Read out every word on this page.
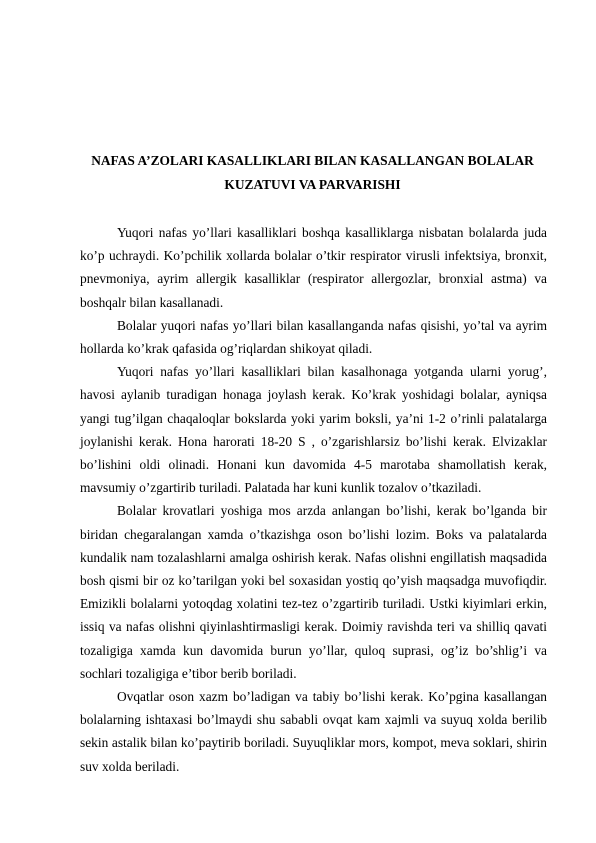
NAFAS A’ZOLARI KASALLIKLARI BILAN KASALLANGAN BOLALAR
KUZATUVI VA PARVARISHI

Yuqori nafas yo’llari kasalliklari boshqa kasalliklarga nisbatan bolalarda juda ko’p uchraydi. Ko’pchilik xollarda bolalar o’tkir respirator virusli infektsiya, bronxit, pnevmoniya, ayrim allergik kasalliklar (respirator allergozlar, bronxial astma) va boshqalr bilan kasallanadi.

Bolalar yuqori nafas yo’llari bilan kasallanganda nafas qisishi, yo’tal va ayrim hollarda ko’krak qafasida og’riqlardan shikoyat qiladi.

Yuqori nafas yo’llari kasalliklari bilan kasalhonaga yotganda ularni yorug’, havosi aylanib turadigan honaga joylash kerak. Ko’krak yoshidagi bolalar, ayniqsa yangi tug’ilgan chaqaloqlar bokslarda yoki yarim boksli, ya’ni 1-2 o’rinli palatalarga joylanishi kerak. Hona harorati 18-20 S , o’zgarishlarsiz bo’lishi kerak. Elvizaklar bo’lishini oldi olinadi. Honani kun davomida 4-5 marotaba shamollatish kerak, mavsumiy o’zgartirib turiladi. Palatada har kuni kunlik tozalov o’tkaziladi.

Bolalar krovatlari yoshiga mos arzda anlangan bo’lishi, kerak bo’lganda bir biridan chegaralangan xamda o’tkazishga oson bo’lishi lozim. Boks va palatalarda kundalik nam tozalashlarni amalga oshirish kerak. Nafas olishni engillatish maqsadida bosh qismi bir oz ko’tarilgan yoki bel soxasidan yostiq qo’yish maqsadga muvofiqdir. Emizikli bolalarni yotoqdag xolatini tez-tez o’zgartirib turiladi. Ustki kiyimlari erkin, issiq va nafas olishni qiyinlashtirmasligi kerak. Doimiy ravishda teri va shilliq qavati tozaligiga xamda kun davomida burun yo’llar, quloq suprasi, og’iz bo’shlig’i va sochlari tozaligiga e’tibor berib boriladi.

Ovqatlar oson xazm bo’ladigan va tabiy bo’lishi kerak. Ko’pgina kasallangan bolalarning ishtaxasi bo’lmaydi shu sababli ovqat kam xajmli va suyuq xolda berilib sekin astalik bilan ko’paytirib boriladi. Suyuqliklar mors, kompot, meva soklari, shirin suv xolda beriladi.
